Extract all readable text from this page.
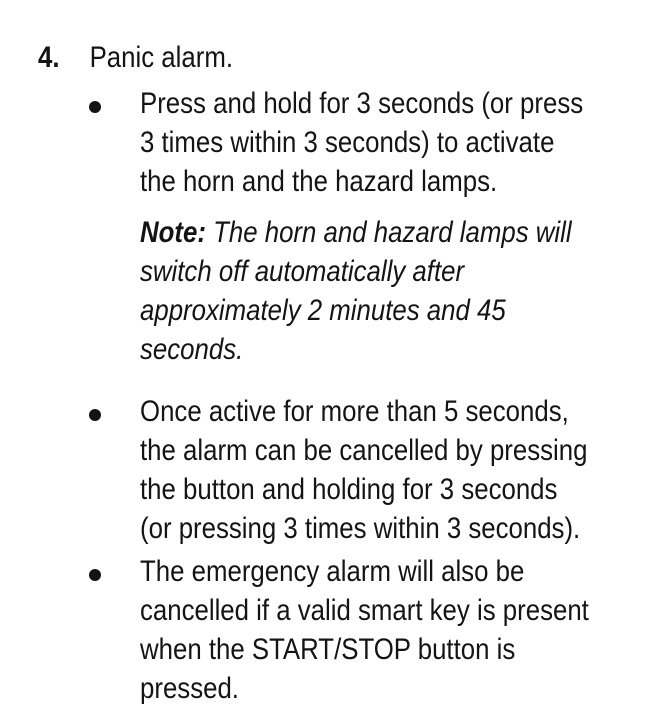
4.	Panic alarm.
Press and hold for 3 seconds (or press
3 times within 3 seconds) to activate
the horn and the hazard lamps.
Note: The horn and hazard lamps will
switch off automatically after
approximately 2 minutes and 45
seconds.
Once active for more than 5 seconds,
the alarm can be cancelled by pressing
the button and holding for 3 seconds
(or pressing 3 times within 3 seconds).
The emergency alarm will also be
cancelled if a valid smart key is present
when the START/STOP button is
pressed.
